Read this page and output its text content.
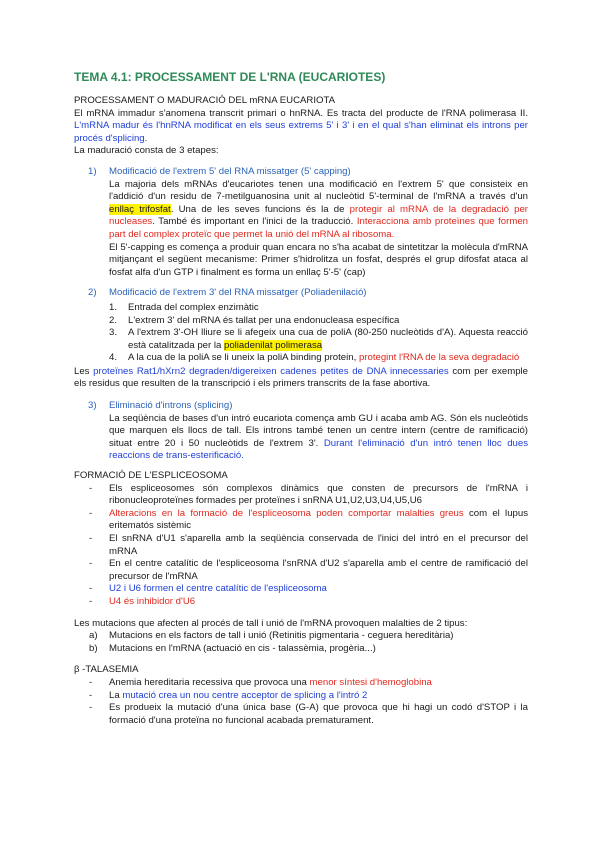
TEMA 4.1: PROCESSAMENT DE L'RNA (EUCARIOTES)

PROCESSAMENT O MADURACIÓ DEL mRNA EUCARIOTA

El mRNA immadur s'anomena transcrit primari o hnRNA. Es tracta del producte de l'RNA polimerasa II. L'mRNA madur és l'hnRNA modificat en els seus extrems 5' i 3' i en el qual s'han eliminat els introns per procés d'splicing.

La maduració consta de 3 etapes:

1) Modificació de l'extrem 5' del RNA missatger (5' capping)

La majoria dels mRNAs d'eucariotes tenen una modificació en l'extrem 5' que consisteix en l'addició d'un residu de 7-metilguanosina unit al nucleòtid 5'-terminal de l'mRNA a través d'un enllaç trifosfat. Una de les seves funcions és la de protegir al mRNA de la degradació per nucleases. També és important en l'inici de la traducció. Interacciona amb proteïnes que formen part del complex proteïc que permet la unió del mRNA al ribosoma.

El 5'-capping es comença a produir quan encara no s'ha acabat de sintetitzar la molècula d'mRNA mitjançant el següent mecanisme: Primer s'hidrolitza un fosfat, després el grup difosfat ataca al fosfat alfa d'un GTP i finalment es forma un enllaç 5'-5' (cap)

2) Modificació de l'extrem 3' del RNA missatger (Poliadenilació)
1. Entrada del complex enzimàtic
2. L'extrem 3' del mRNA és tallat per una endonucleasa específica
3. A l'extrem 3'-OH lliure se li afegeix una cua de poliA (80-250 nucleòtids d'A). Aquesta reacció està catalitzada per la poliadenilat polimerasa
4. A la cua de la poliA se li uneix la poliA binding protein, protegint l'RNA de la seva degradació

Les proteïnes Rat1/hXrn2 degraden/digereixen cadenes petites de DNA innecessaries com per exemple els residus que resulten de la transcripció i els primers transcrits de la fase abortiva.

3) Eliminació d'introns (splicing)

La seqüència de bases d'un intró eucariota comença amb GU i acaba amb AG. Són els nucleòtids que marquen els llocs de tall. Els introns també tenen un centre intern (centre de ramificació) situat entre 20 i 50 nucleòtids de l'extrem 3'. Durant l'eliminació d'un intró tenen lloc dues reaccions de trans-esterificació.

FORMACIÓ DE L'ESPLICEOSOMA

- Els espliceosomes són complexos dinàmics que consten de precursors de l'mRNA i ribonucleoproteïnes formades per proteïnes i snRNA U1,U2,U3,U4,U5,U6
- Alteracions en la formació de l'espliceosoma poden comportar malalties greus com el lupus eritematós sistèmic
- El snRNA d'U1 s'aparella amb la seqüència conservada de l'inici del intró en el precursor del mRNA
- En el centre catalític de l'espliceosoma l'snRNA d'U2 s'aparella amb el centre de ramificació del precursor de l'mRNA
- U2 i U6 formen el centre catalític de l'espliceosoma
- U4 és inhibidor d'U6

Les mutacions que afecten al procés de tall i unió de l'mRNA provoquen malalties de 2 tipus:

a) Mutacions en els factors de tall i unió (Retinitis pigmentaria - ceguera hereditària)
b) Mutacions en l'mRNA (actuació en cis - talassèmia, progèria...)

β -TALASEMIA

- Anemia hereditaria recessiva que provoca una menor síntesi d'hemoglobina
- La mutació crea un nou centre acceptor de splicing a l'intró 2
- Es produeix la mutació d'una única base (G-A) que provoca que hi hagi un codó d'STOP i la formació d'una proteïna no funcional acabada prematurament.
